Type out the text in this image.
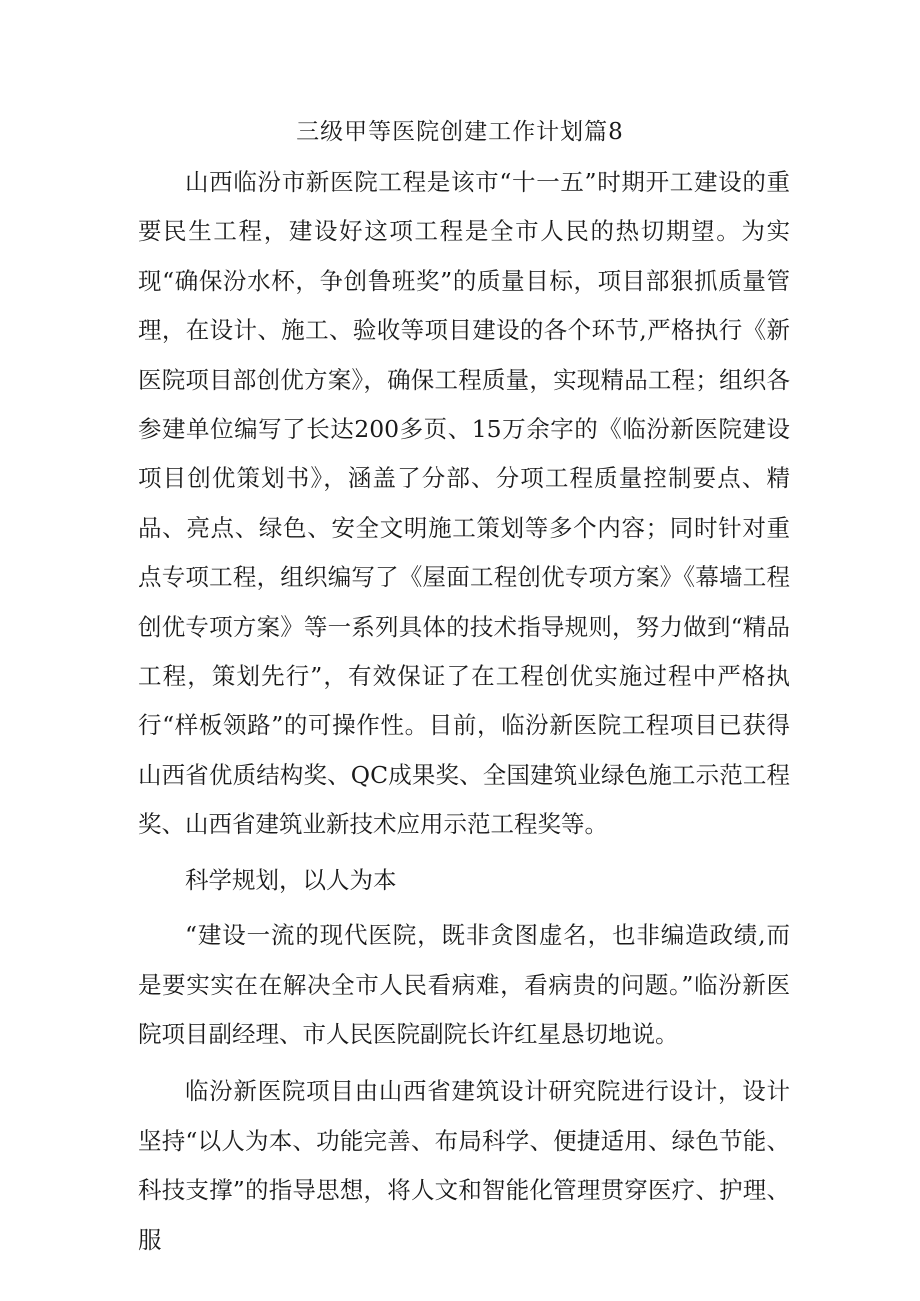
三级甲等医院创建工作计划篇8

山西临汾市新医院工程是该市“十一五”时期开工建设的重要民生工程，建设好这项工程是全市人民的热切期望。为实现“确保汾水杯，争创鲁班奖”的质量目标，项目部狠抓质量管理，在设计、施工、验收等项目建设的各个环节,严格执行《新医院项目部创优方案》，确保工程质量，实现精品工程；组织各参建单位编写了长达200多页、15万余字的《临汾新医院建设项目创优策划书》，涵盖了分部、分项工程质量控制要点、精品、亮点、绿色、安全文明施工策划等多个内容；同时针对重点专项工程，组织编写了《屋面工程创优专项方案》《幕墙工程创优专项方案》等一系列具体的技术指导规则，努力做到“精品工程，策划先行”，有效保证了在工程创优实施过程中严格执行“样板领路”的可操作性。目前，临汾新医院工程项目已获得山西省优质结构奖、QC成果奖、全国建筑业绿色施工示范工程奖、山西省建筑业新技术应用示范工程奖等。

科学规划，以人为本

“建设一流的现代医院，既非贪图虚名，也非编造政绩,而是要实实在在解决全市人民看病难，看病贵的问题。”临汾新医院项目副经理、市人民医院副院长许红星恳切地说。

临汾新医院项目由山西省建筑设计研究院进行设计，设计坚持“以人为本、功能完善、布局科学、便捷适用、绿色节能、科技支撑”的指导思想，将人文和智能化管理贯穿医疗、护理、服
